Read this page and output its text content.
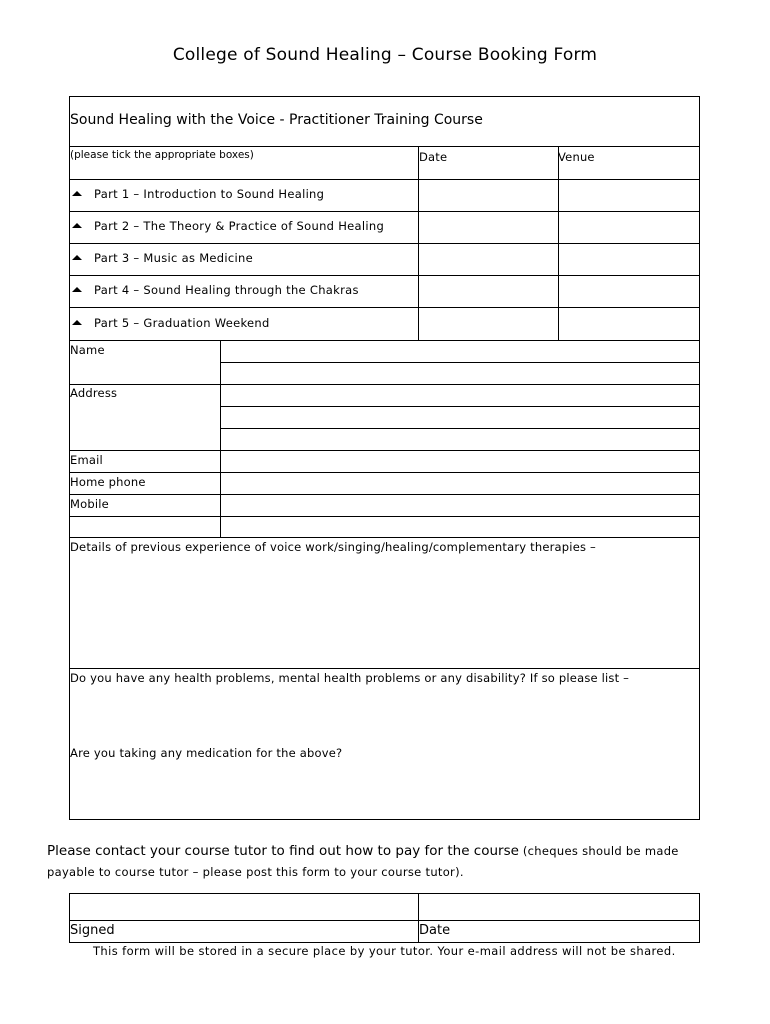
College of Sound Healing – Course Booking Form
Sound Healing with the Voice - Practitioner Training Course
(please tick the appropriate boxes)	Date	Venue
Part 1 – Introduction to Sound Healing
Part 2 – The Theory & Practice of Sound Healing
Part 3 – Music as Medicine
Part 4 – Sound Healing through the Chakras
Part 5 – Graduation Weekend
Name
Address
Email
Home phone
Mobile
Details of previous experience of voice work/singing/healing/complementary therapies –
Do you have any health problems, mental health problems or any disability? If so please list –
Are you taking any medication for the above?
Please contact your course tutor to find out how to pay for the course (cheques should be made
payable to course tutor – please post this form to your course tutor).
Signed	Date
This form will be stored in a secure place by your tutor. Your e-mail address will not be shared.
